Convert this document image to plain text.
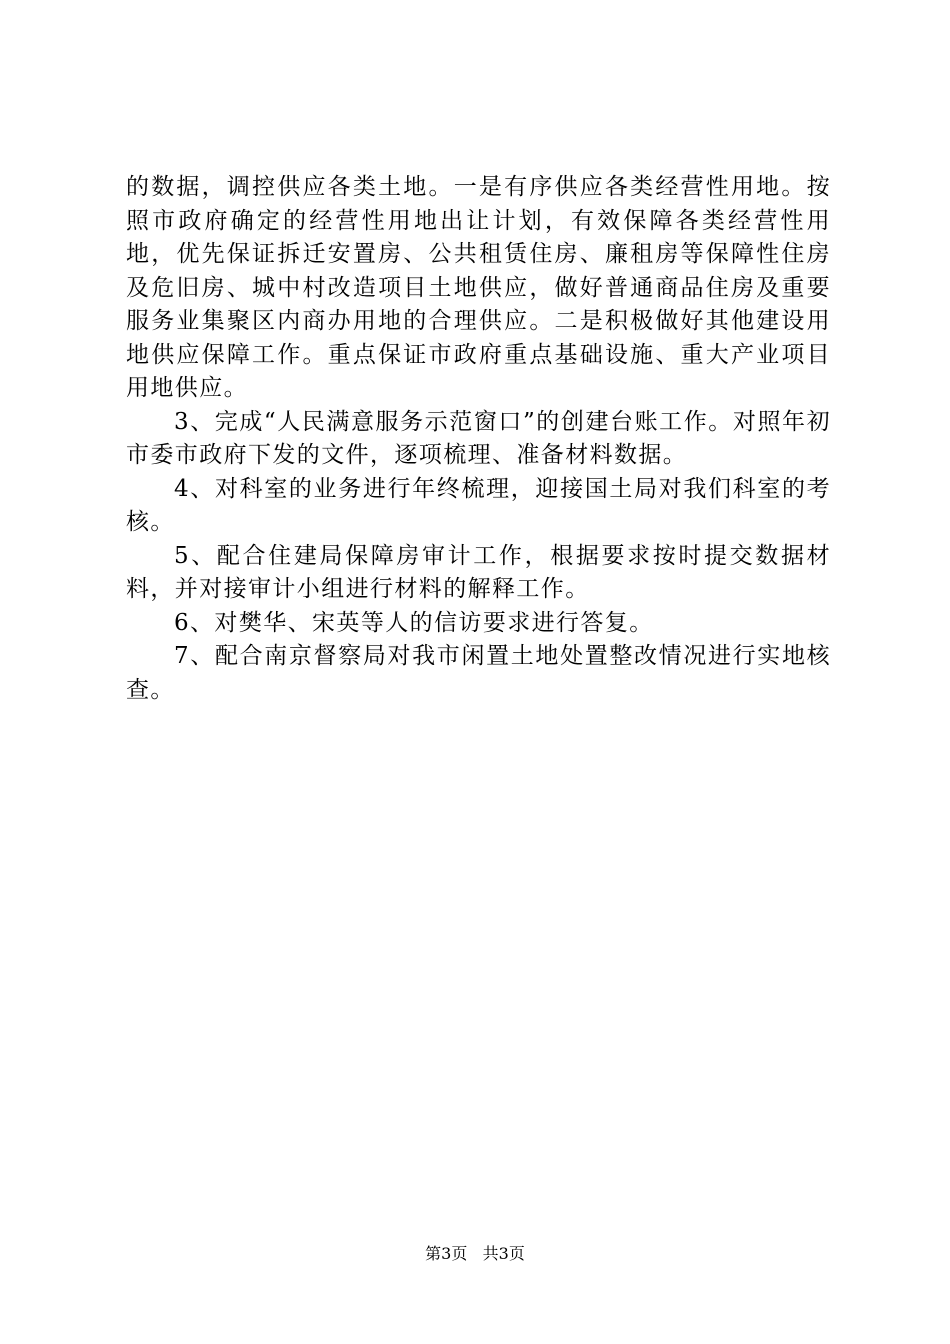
的数据，调控供应各类土地。一是有序供应各类经营性用地。按照市政府确定的经营性用地出让计划，有效保障各类经营性用地，优先保证拆迁安置房、公共租赁住房、廉租房等保障性住房及危旧房、城中村改造项目土地供应，做好普通商品住房及重要服务业集聚区内商办用地的合理供应。二是积极做好其他建设用地供应保障工作。重点保证市政府重点基础设施、重大产业项目用地供应。

3、完成“人民满意服务示范窗口”的创建台账工作。对照年初市委市政府下发的文件，逐项梳理、准备材料数据。

4、对科室的业务进行年终梳理，迎接国土局对我们科室的考核。

5、配合住建局保障房审计工作，根据要求按时提交数据材料，并对接审计小组进行材料的解释工作。

6、对樊华、宋英等人的信访要求进行答复。

7、配合南京督察局对我市闲置土地处置整改情况进行实地核查。

第3页 共3页
